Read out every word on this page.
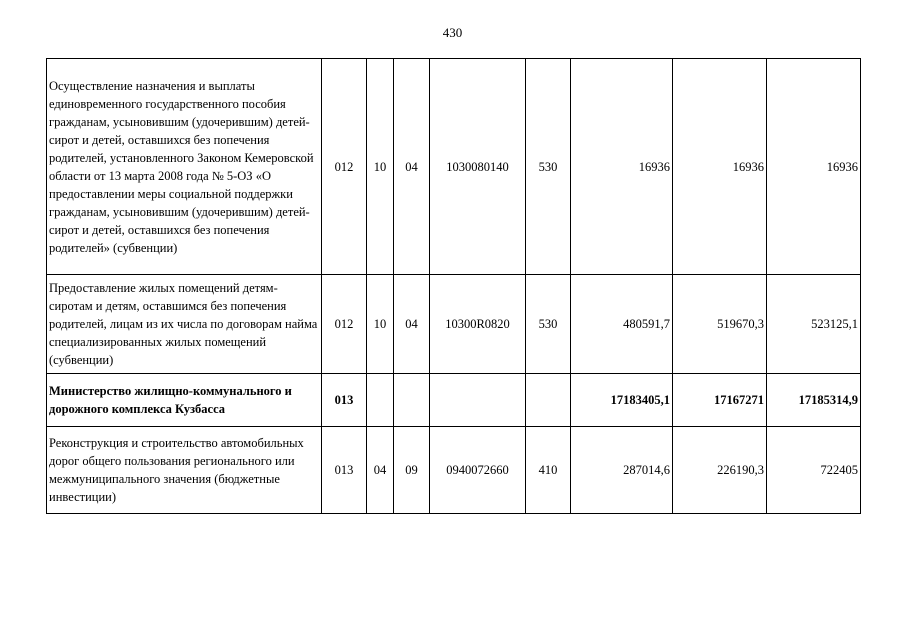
430
Осуществление назначения и выплаты единовременного государственного пособия гражданам, усыновившим (удочерившим) детей-сирот и детей, оставшихся без попечения родителей, установленного Законом Кемеровской области от 13 марта 2008 года № 5-ОЗ «О предоставлении меры социальной поддержки гражданам, усыновившим (удочерившим) детей-сирот и детей, оставшихся без попечения родителей» (субвенции)	012	10	04	1030080140	530	16936	16936	16936
Предоставление жилых помещений детям-сиротам и детям, оставшимся без попечения родителей, лицам из их числа по договорам найма специализированных жилых помещений (субвенции)	012	10	04	10300R0820	530	480591,7	519670,3	523125,1
Министерство жилищно-коммунального и дорожного комплекса Кузбасса	013					17183405,1	17167271	17185314,9
Реконструкция и строительство автомобильных дорог общего пользования регионального или межмуниципального значения (бюджетные инвестиции)	013	04	09	0940072660	410	287014,6	226190,3	722405
